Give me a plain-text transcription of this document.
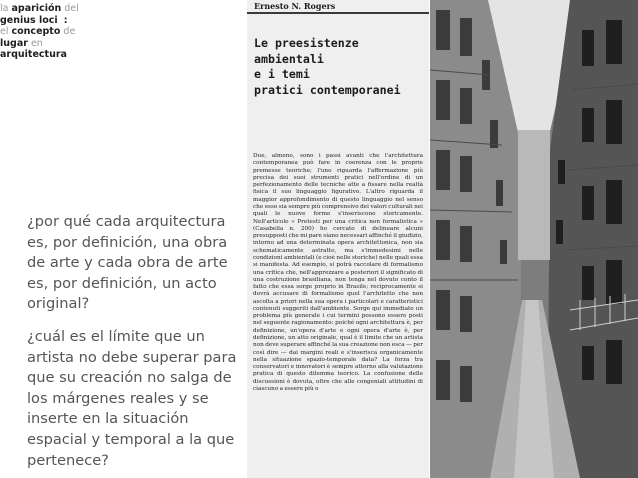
la aparición del
genius loci :
el concepto de
lugar en
arquitectura

¿por qué cada arquitectura es, por definición, una obra de arte y cada obra de arte es, por definición, un acto original?

¿cuál es el límite que un artista no debe superar para que su creación no salga de los márgenes reales y se inserte en la situación espacial y temporal a la que pertenece?

Ernesto N. Rogers
Le preesistenze
ambientali
e i temi
pratici contemporanei
Due, almeno, sono i passi avanti che l'architettura contemporanea può fare in coerenza con le proprie premesse teoriche; l'uno riguarda l'affermazione più precisa dei suoi strumenti pratici nell'ordine di un perfezionamento delle tecniche atte a fissare nella realtà fisica il suo linguaggio figurativo. L'altro riguarda il maggior approfondimento di questo linguaggio nel senso che esso sia sempre più comprensivo dei valori culturali nei quali le nuove forme s'inseriscono storicamente. Nell'articolo « Pretesti per una critica non formalistica » (Casabella n. 200) ho cercato di delineare alcuni presupposti che mi pare siano necessari affinché il giudizio, intorno ad una determinata opera architettonica, non sia schematicamente astratto, ma s'immedesimi nelle condizioni ambientali (e cioè nelle storiche) nelle quali essa si manifesta. Ad esempio, si potrà raccolare di formalismo una critica che, nell'apprezzare a posteriori il significato di una costruzione brasiliana, non tenga nel dovuto conto il fatto che essa sorge proprio in Brasile; reciprocamente si dovrà accusare di formalismo quel l'architetto che non ascolta a priori nella sua opera i particolari e caratteristici contenuti suggeriti dall'ambiente. Sorge qui immediato un problema più generale i cui termini possono essere posti nel seguente ragionamento: poiché ogni architettura è, per definizione, un'opera d'arte e ogni opera d'arte è, per definizione, un atto originale, qual è il limite che un artista non deve superare affinché la sua creazione non esca — per così dire — dai margini reali e s'inserisca organicamente nella situazione spazio-temporale data? La forza tra conservatori e innovatori è sempre attorno alla valutazione pratica di questo dilemma teorico. La confusione delle discussioni è dovuta, oltre che alle congeniali attitudini di ciascuno a essere più o
